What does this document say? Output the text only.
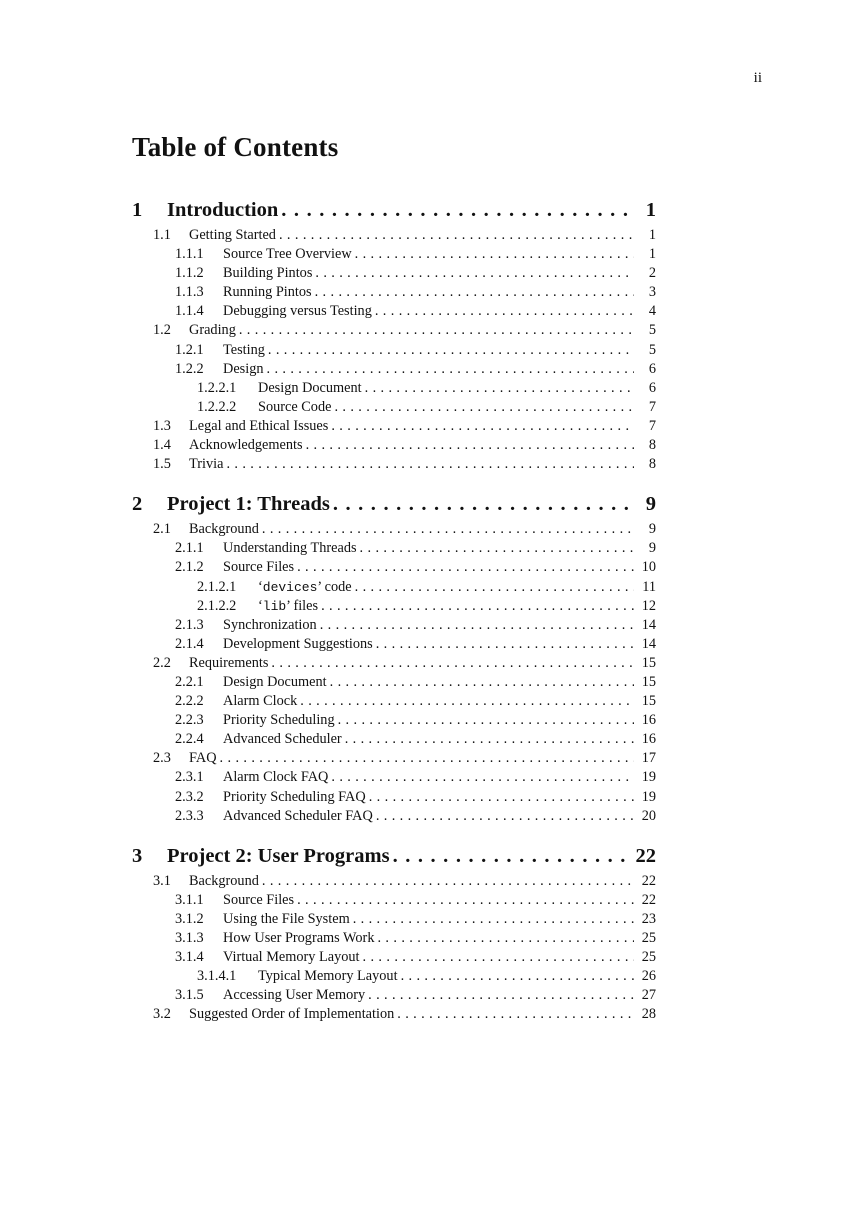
ii
Table of Contents
1	Introduction . . .	1
1.1	Getting Started . . .	1
1.1.1	Source Tree Overview . . .	1
1.1.2	Building Pintos . . .	2
1.1.3	Running Pintos . . .	3
1.1.4	Debugging versus Testing . . .	4
1.2	Grading . . .	5
1.2.1	Testing . . .	5
1.2.2	Design . . .	6
1.2.2.1	Design Document . . .	6
1.2.2.2	Source Code . . .	7
1.3	Legal and Ethical Issues . . .	7
1.4	Acknowledgements . . .	8
1.5	Trivia . . .	8
2	Project 1: Threads . . .	9
2.1	Background . . .	9
2.1.1	Understanding Threads . . .	9
2.1.2	Source Files . . .	10
2.1.2.1	‘devices’ code . . .	11
2.1.2.2	‘lib’ files . . .	12
2.1.3	Synchronization . . .	14
2.1.4	Development Suggestions . . .	14
2.2	Requirements . . .	15
2.2.1	Design Document . . .	15
2.2.2	Alarm Clock . . .	15
2.2.3	Priority Scheduling . . .	16
2.2.4	Advanced Scheduler . . .	16
2.3	FAQ . . .	17
2.3.1	Alarm Clock FAQ . . .	19
2.3.2	Priority Scheduling FAQ . . .	19
2.3.3	Advanced Scheduler FAQ . . .	20
3	Project 2: User Programs . . .	22
3.1	Background . . .	22
3.1.1	Source Files . . .	22
3.1.2	Using the File System . . .	23
3.1.3	How User Programs Work . . .	25
3.1.4	Virtual Memory Layout . . .	25
3.1.4.1	Typical Memory Layout . . .	26
3.1.5	Accessing User Memory . . .	27
3.2	Suggested Order of Implementation . . .	28
